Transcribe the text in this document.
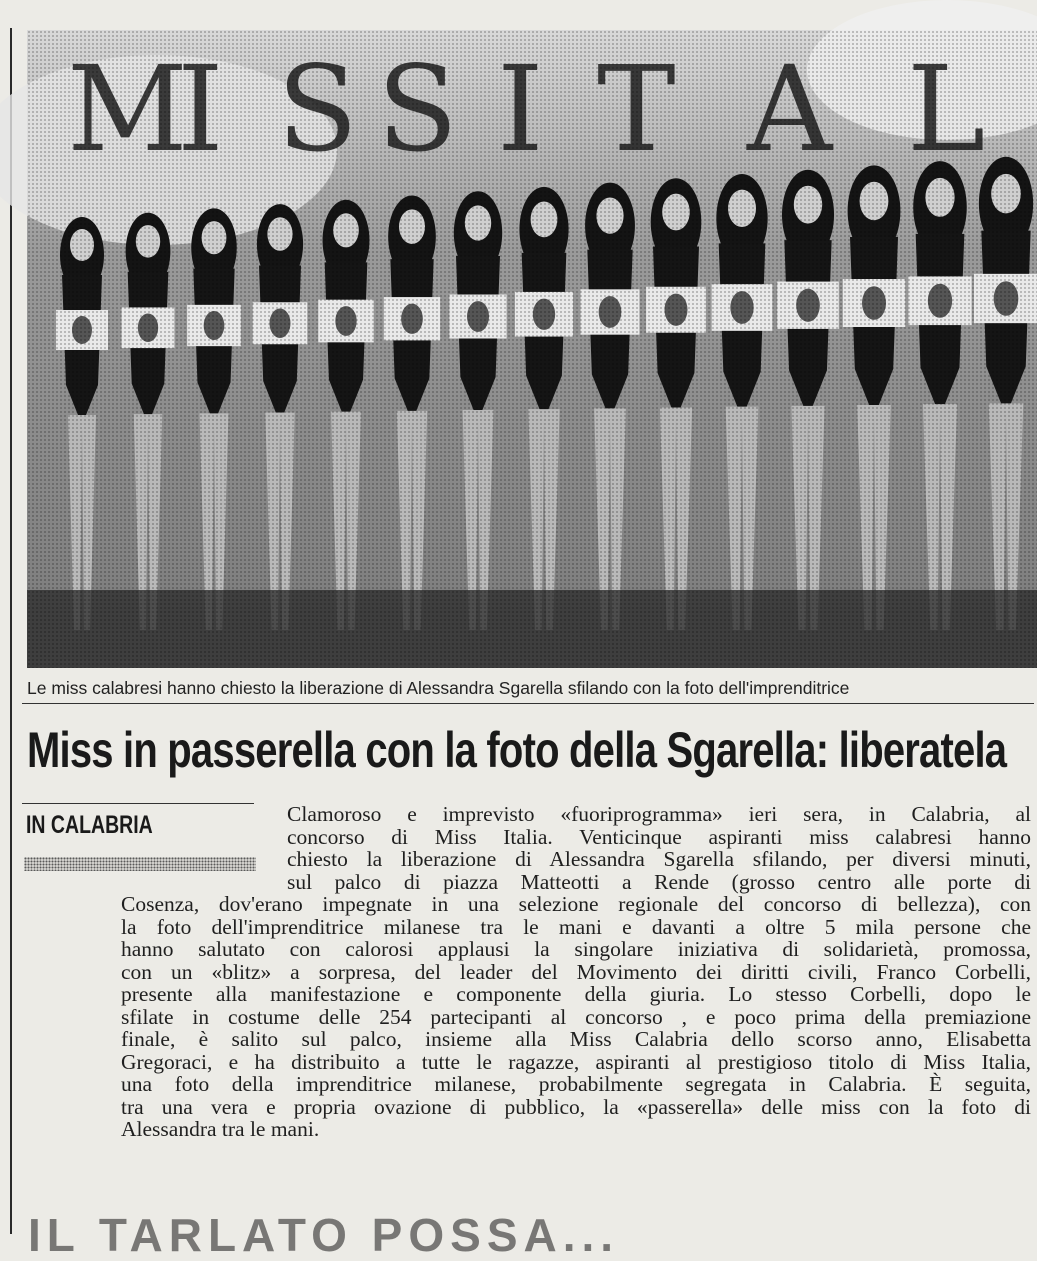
Le miss calabresi hanno chiesto la liberazione di Alessandra Sgarella sfilando con la foto dell'imprenditrice
Miss in passerella con la foto della Sgarella: liberatela
IN CALABRIA	Clamoroso e imprevisto «fuoriprogramma» ieri sera, in Calabria, al
concorso di Miss Italia. Venticinque aspiranti miss calabresi hanno
chiesto la liberazione di Alessandra Sgarella sfilando, per diversi minuti,
sul palco di piazza Matteotti a Rende (grosso centro alle porte di
Cosenza, dov'erano impegnate in una selezione regionale del concorso di bellezza), con
la foto dell'imprenditrice milanese tra le mani e davanti a oltre 5 mila persone che
hanno salutato con calorosi applausi la singolare iniziativa di solidarietà, promossa,
con un «blitz» a sorpresa, del leader del Movimento dei diritti civili, Franco Corbelli,
presente alla manifestazione e componente della giuria. Lo stesso Corbelli, dopo le
sfilate in costume delle 254 partecipanti al concorso , e poco prima della premiazione
finale, è salito sul palco, insieme alla Miss Calabria dello scorso anno, Elisabetta
Gregoraci, e ha distribuito a tutte le ragazze, aspiranti al prestigioso titolo di Miss Italia,
una foto della imprenditrice milanese, probabilmente segregata in Calabria. È seguita,
tra una vera e propria ovazione di pubblico, la «passerella» delle miss con la foto di
Alessandra tra le mani.
IL TARLATO POSSA...
